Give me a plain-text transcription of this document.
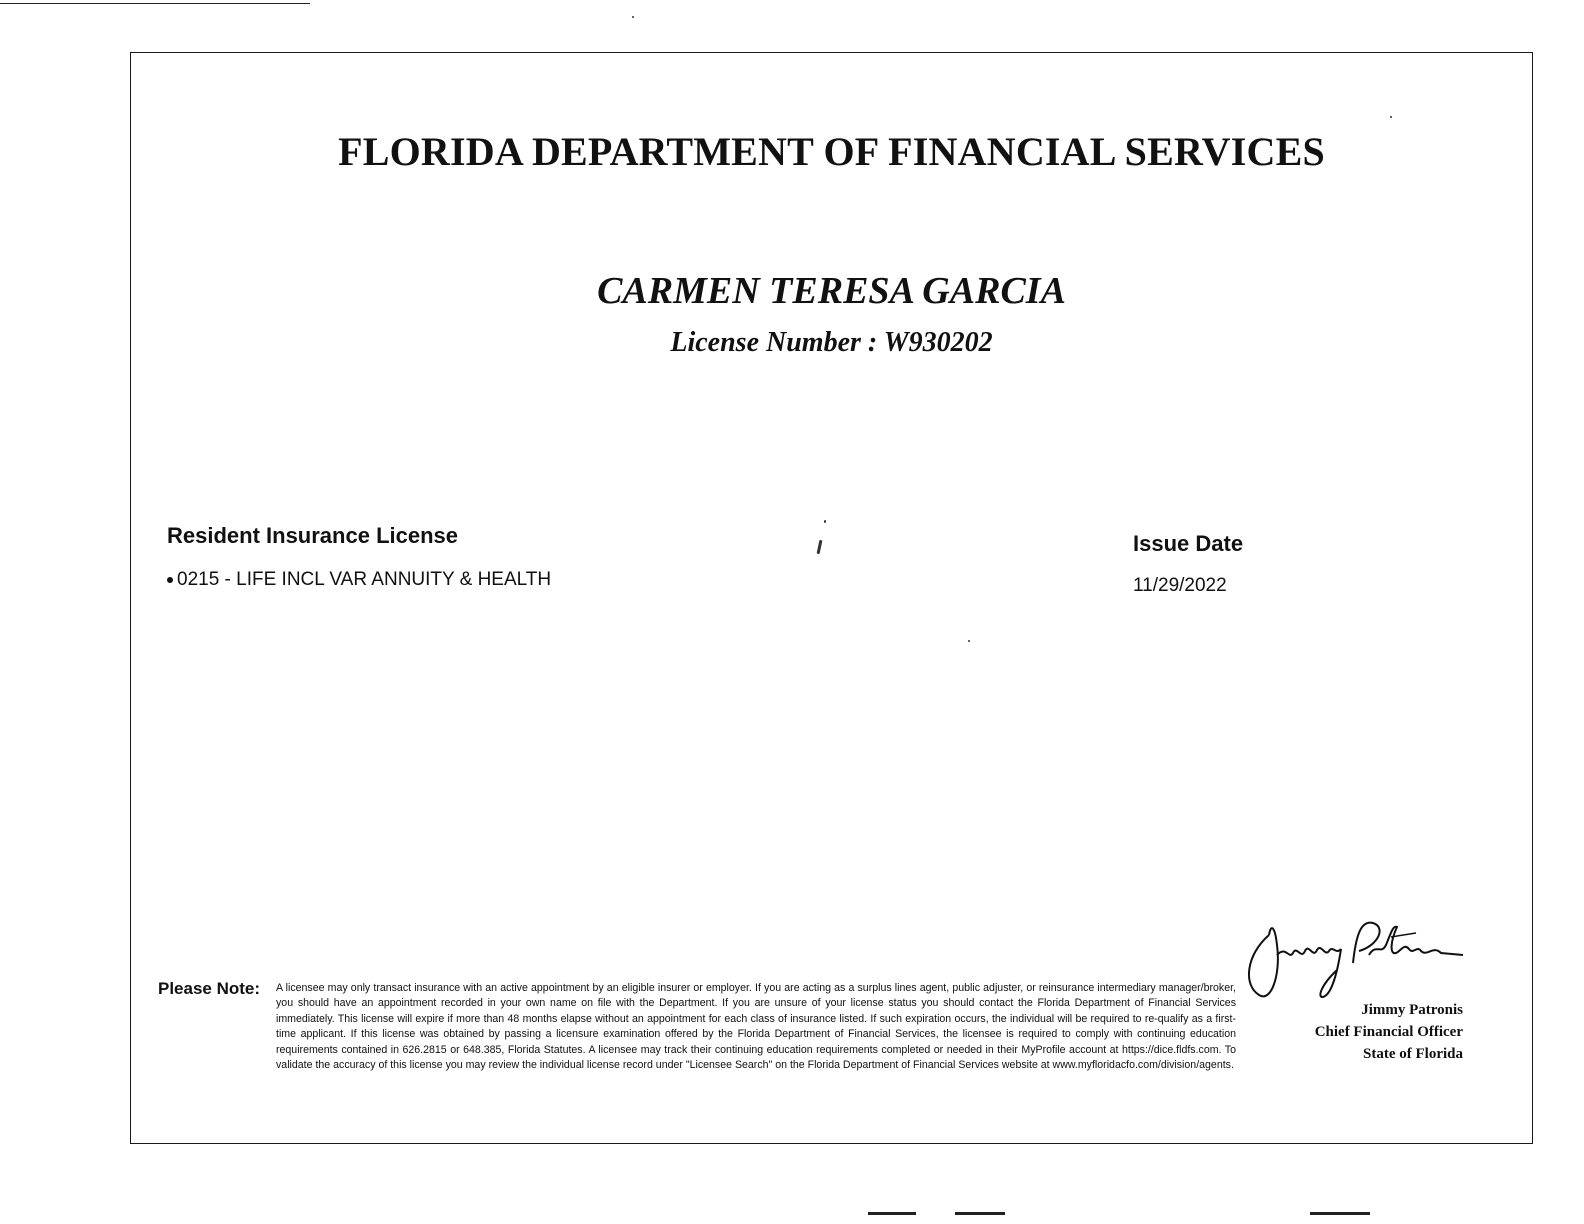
FLORIDA DEPARTMENT OF FINANCIAL SERVICES
CARMEN TERESA GARCIA
License Number : W930202
Resident Insurance License
0215 - LIFE INCL VAR ANNUITY & HEALTH
Issue Date
11/29/2022
Please Note: A licensee may only transact insurance with an active appointment by an eligible insurer or employer. If you are acting as a surplus lines agent, public adjuster, or reinsurance intermediary manager/broker, you should have an appointment recorded in your own name on file with the Department. If you are unsure of your license status you should contact the Florida Department of Financial Services immediately. This license will expire if more than 48 months elapse without an appointment for each class of insurance listed. If such expiration occurs, the individual will be required to re-qualify as a first-time applicant. If this license was obtained by passing a licensure examination offered by the Florida Department of Financial Services, the licensee is required to comply with continuing education requirements contained in 626.2815 or 648.385, Florida Statutes. A licensee may track their continuing education requirements completed or needed in their MyProfile account at https://dice.fldfs.com. To validate the accuracy of this license you may review the individual license record under "Licensee Search" on the Florida Department of Financial Services website at www.myfloridacfo.com/division/agents.
Jimmy Patronis
Chief Financial Officer
State of Florida
